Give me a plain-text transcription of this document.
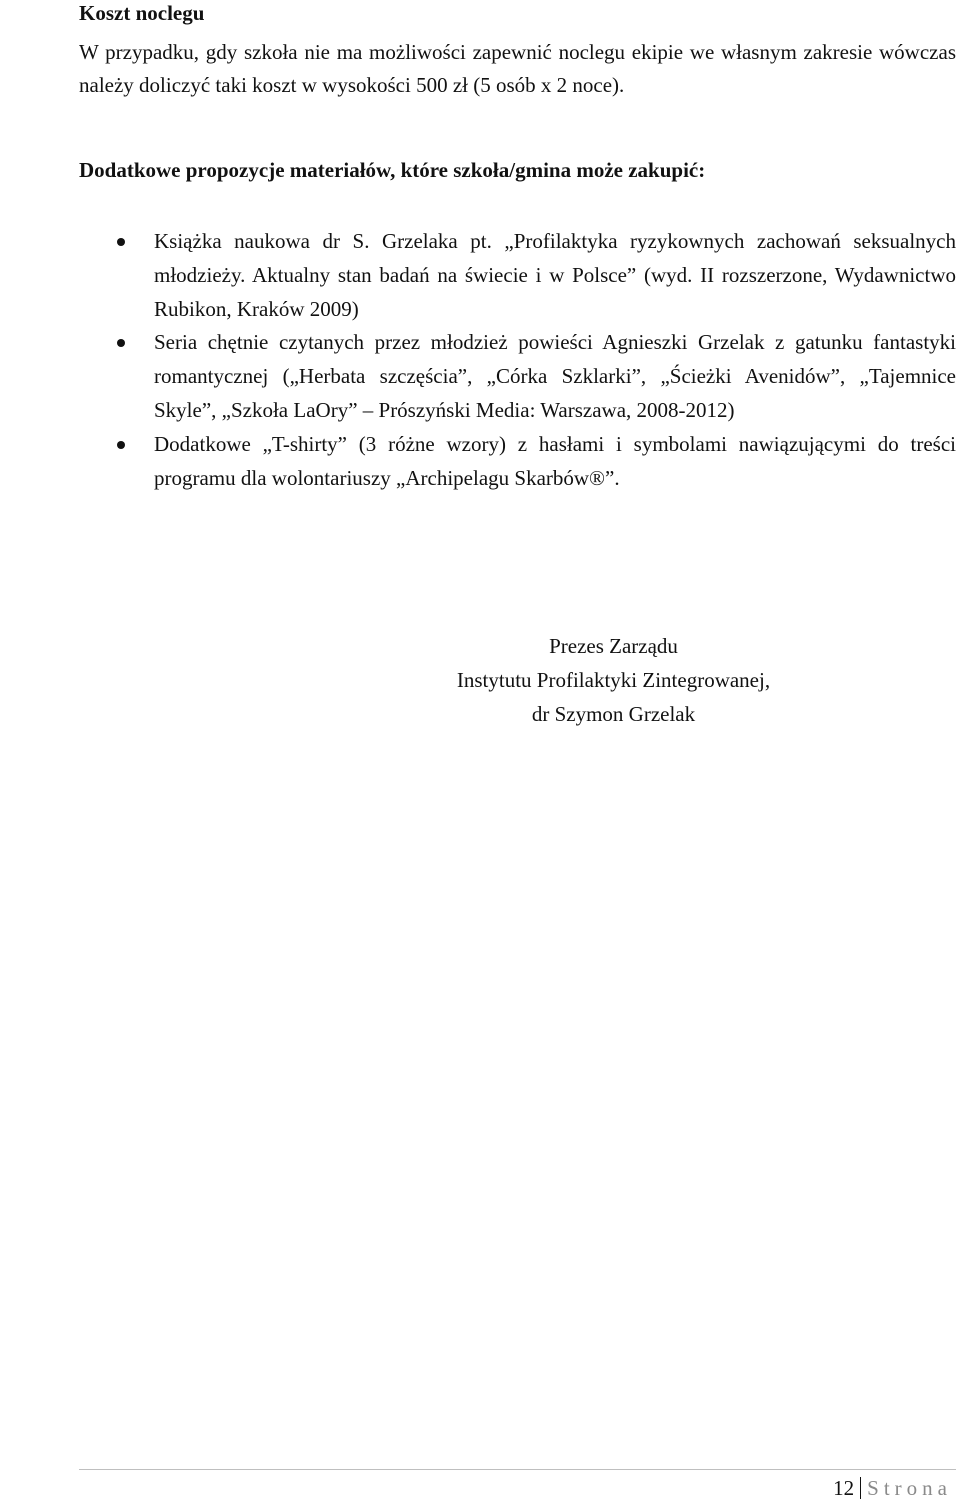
Koszt noclegu

W przypadku, gdy szkoła nie ma możliwości zapewnić noclegu ekipie we własnym zakresie wówczas należy doliczyć taki koszt w wysokości 500 zł (5 osób x 2 noce).

Dodatkowe propozycje materiałów, które szkoła/gmina może zakupić:

Książka naukowa dr S. Grzelaka pt. „Profilaktyka ryzykownych zachowań seksualnych młodzieży. Aktualny stan badań na świecie i w Polsce” (wyd. II rozszerzone, Wydawnictwo Rubikon, Kraków 2009)
Seria chętnie czytanych przez młodzież powieści Agnieszki Grzelak z gatunku fantastyki romantycznej („Herbata szczęścia”, „Córka Szklarki”, „Ścieżki Avenidów”, „Tajemnice Skyle”, „Szkoła LaOry” – Prószyński Media: Warszawa, 2008-2012)
Dodatkowe „T-shirty” (3 różne wzory) z hasłami i symbolami nawiązującymi do treści programu dla wolontariuszy „Archipelagu Skarbów®”.
Prezes Zarządu
Instytutu Profilaktyki Zintegrowanej,
dr Szymon Grzelak
12 Strona
